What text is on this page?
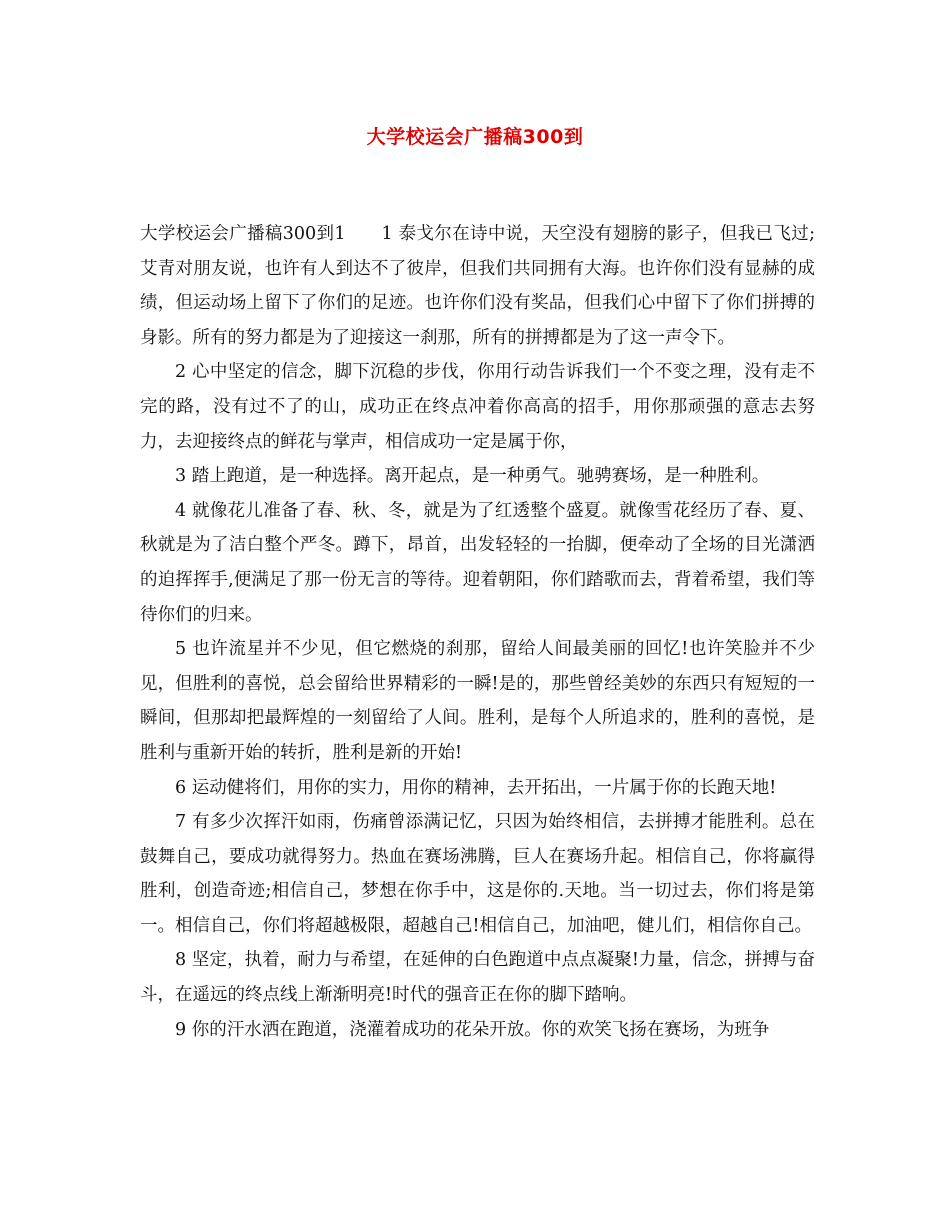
大学校运会广播稿300到

大学校运会广播稿300到1　　1 泰戈尔在诗中说，天空没有翅膀的影子，但我已飞过;艾青对朋友说，也许有人到达不了彼岸，但我们共同拥有大海。也许你们没有显赫的成绩，但运动场上留下了你们的足迹。也许你们没有奖品，但我们心中留下了你们拼搏的身影。所有的努力都是为了迎接这一刹那，所有的拼搏都是为了这一声令下。

2 心中坚定的信念，脚下沉稳的步伐，你用行动告诉我们一个不变之理，没有走不完的路，没有过不了的山，成功正在终点冲着你高高的招手，用你那顽强的意志去努力，去迎接终点的鲜花与掌声，相信成功一定是属于你，

3 踏上跑道，是一种选择。离开起点，是一种勇气。驰骋赛场，是一种胜利。

4 就像花儿准备了春、秋、冬，就是为了红透整个盛夏。就像雪花经历了春、夏、秋就是为了洁白整个严冬。蹲下，昂首，出发轻轻的一抬脚，便牵动了全场的目光潇洒的迫挥挥手,便满足了那一份无言的等待。迎着朝阳，你们踏歌而去，背着希望，我们等待你们的归来。

5 也许流星并不少见，但它燃烧的刹那，留给人间最美丽的回忆!也许笑脸并不少见，但胜利的喜悦，总会留给世界精彩的一瞬!是的，那些曾经美妙的东西只有短短的一瞬间，但那却把最辉煌的一刻留给了人间。胜利，是每个人所追求的，胜利的喜悦，是胜利与重新开始的转折，胜利是新的开始!

6 运动健将们，用你的实力，用你的精神，去开拓出，一片属于你的长跑天地!

7 有多少次挥汗如雨，伤痛曾添满记忆，只因为始终相信，去拼搏才能胜利。总在鼓舞自己，要成功就得努力。热血在赛场沸腾，巨人在赛场升起。相信自己，你将赢得胜利，创造奇迹;相信自己，梦想在你手中，这是你的.天地。当一切过去，你们将是第一。相信自己，你们将超越极限，超越自己!相信自己，加油吧，健儿们，相信你自己。

8 坚定，执着，耐力与希望，在延伸的白色跑道中点点凝聚!力量，信念，拼搏与奋斗，在遥远的终点线上渐渐明亮!时代的强音正在你的脚下踏响。

9 你的汗水洒在跑道，浇灌着成功的花朵开放。你的欢笑飞扬在赛场，为班争
